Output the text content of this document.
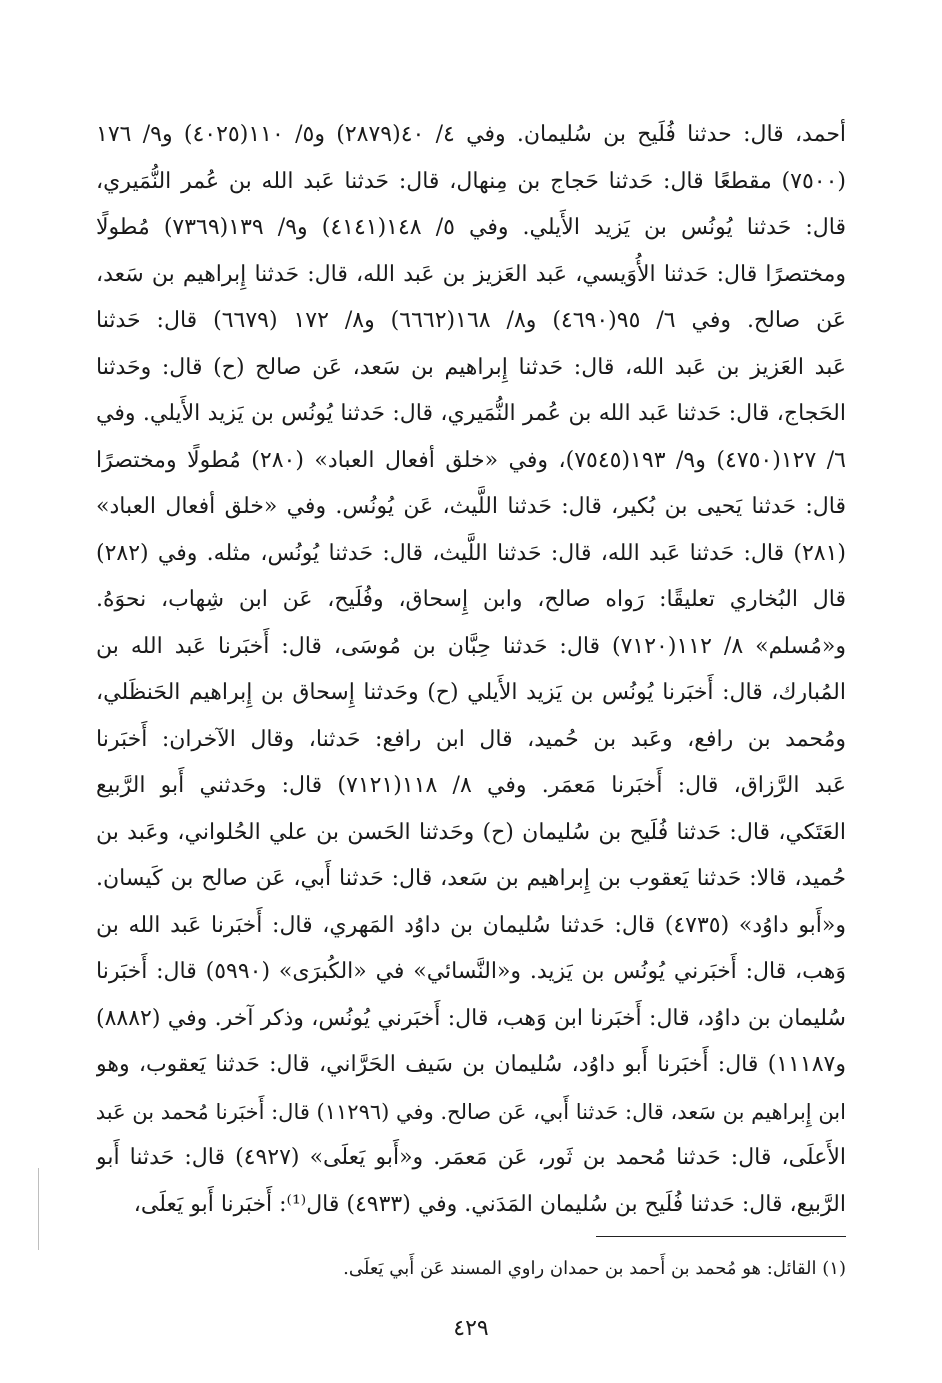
أحمد، قال: حدثنا فُلَيح بن سُليمان. وفي ٤/ ٤٠(٢٨٧٩) و٥/ ١١٠(٤٠٢٥) و٩/ ١٧٦
(٧٥٠٠) مقطعًا قال: حَدثنا حَجاج بن مِنهال، قال: حَدثنا عَبد الله بن عُمر النُّمَيري،
قال: حَدثنا يُونُس بن يَزيد الأَيلي. وفي ٥/ ١٤٨(٤١٤١) و٩/ ١٣٩(٧٣٦٩) مُطولًا
ومختصرًا قال: حَدثنا الأُوَيسي، عَبد العَزيز بن عَبد الله، قال: حَدثنا إِبراهيم بن سَعد،
عَن صالح. وفي ٦/ ٩٥(٤٦٩٠) و٨/ ١٦٨(٦٦٦٢) و٨/ ١٧٢ (٦٦٧٩) قال: حَدثنا
عَبد العَزيز بن عَبد الله، قال: حَدثنا إِبراهيم بن سَعد، عَن صالح (ح) قال: وحَدثنا
الحَجاج، قال: حَدثنا عَبد الله بن عُمر النُّمَيري، قال: حَدثنا يُونُس بن يَزيد الأَيلي. وفي
٦/ ١٢٧(٤٧٥٠) و٩/ ١٩٣(٧٥٤٥)، وفي «خلق أفعال العباد» (٢٨٠) مُطولًا ومختصرًا
قال: حَدثنا يَحيى بن بُكير، قال: حَدثنا اللَّيث، عَن يُونُس. وفي «خلق أفعال العباد»
(٢٨١) قال: حَدثنا عَبد الله، قال: حَدثنا اللَّيث، قال: حَدثنا يُونُس، مثله. وفي (٢٨٢)
قال البُخاري تعليقًا: رَواه صالح، وابن إِسحاق، وفُلَيح، عَن ابن شِهاب، نحوَهُ.
و«مُسلم» ٨/ ١١٢(٧١٢٠) قال: حَدثنا حِبَّان بن مُوسَى، قال: أَخبَرنا عَبد الله بن
المُبارك، قال: أَخبَرنا يُونُس بن يَزيد الأَيلي (ح) وحَدثنا إِسحاق بن إِبراهيم الحَنظَلي،
ومُحمد بن رافع، وعَبد بن حُميد، قال ابن رافع: حَدثنا، وقال الآخران: أَخبَرنا
عَبد الرَّزاق، قال: أَخبَرنا مَعمَر. وفي ٨/ ١١٨(٧١٢١) قال: وحَدثني أَبو الرَّبيع
العَتَكي، قال: حَدثنا فُلَيح بن سُليمان (ح) وحَدثنا الحَسن بن علي الحُلواني، وعَبد بن
حُميد، قالا: حَدثنا يَعقوب بن إِبراهيم بن سَعد، قال: حَدثنا أَبي، عَن صالح بن كَيسان.
و«أَبو داوُد» (٤٧٣٥) قال: حَدثنا سُليمان بن داوُد المَهري، قال: أَخبَرنا عَبد الله بن
وَهب، قال: أَخبَرني يُونُس بن يَزيد. و«النَّسائي» في «الكُبرَى» (٥٩٩٠) قال: أَخبَرنا
سُليمان بن داوُد، قال: أَخبَرنا ابن وَهب، قال: أَخبَرني يُونُس، وذكر آخر. وفي (٨٨٨٢)
و١١١٨٧) قال: أَخبَرنا أَبو داوُد، سُليمان بن سَيف الحَرَّاني، قال: حَدثنا يَعقوب، وهو
ابن إِبراهيم بن سَعد، قال: حَدثنا أَبي، عَن صالح. وفي (١١٢٩٦) قال: أَخبَرنا مُحمد بن عَبد
الأَعلَى، قال: حَدثنا مُحمد بن ثَور، عَن مَعمَر. و«أَبو يَعلَى» (٤٩٢٧) قال: حَدثنا أَبو
الرَّبيع، قال: حَدثنا فُلَيح بن سُليمان المَدَني. وفي (٤٩٣٣) قال⁽¹⁾: أَخبَرنا أَبو يَعلَى،
(١) القائل: هو مُحمد بن أَحمد بن حمدان راوي المسند عَن أَبي يَعلَى.
٤٢٩
